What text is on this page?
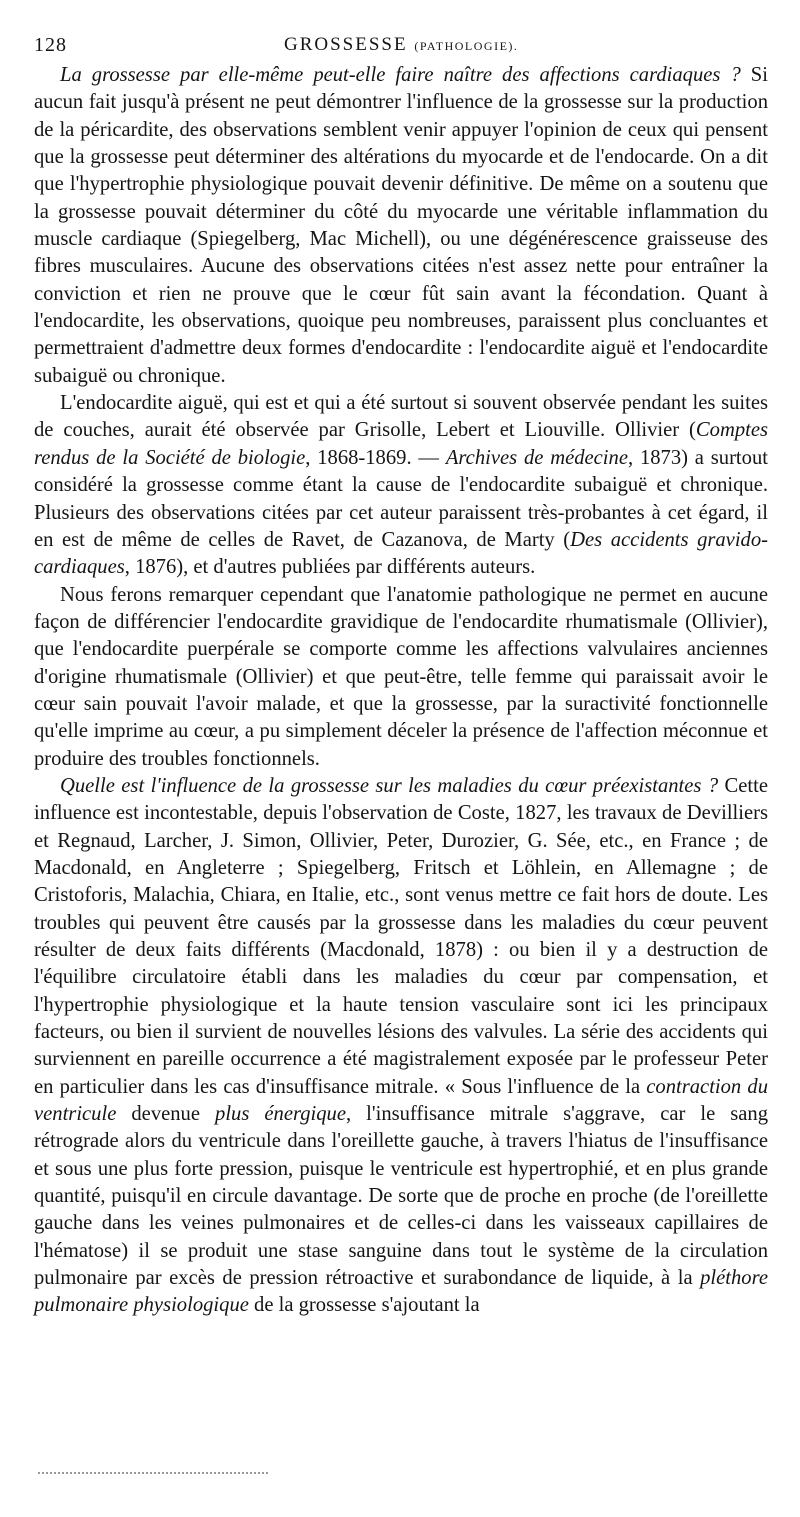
128	GROSSESSE (PATHOLOGIE).

La grossesse par elle-même peut-elle faire naître des affections cardiaques ? Si aucun fait jusqu'à présent ne peut démontrer l'influence de la grossesse sur la production de la péricardite, des observations semblent venir appuyer l'opinion de ceux qui pensent que la grossesse peut déterminer des altérations du myocarde et de l'endocarde. On a dit que l'hypertrophie physiologique pouvait devenir définitive. De même on a soutenu que la grossesse pouvait déterminer du côté du myocarde une véritable inflammation du muscle cardiaque (Spiegelberg, Mac Michell), ou une dégénérescence graisseuse des fibres musculaires. Aucune des observations citées n'est assez nette pour entraîner la conviction et rien ne prouve que le cœur fût sain avant la fécondation. Quant à l'endocardite, les observations, quoique peu nombreuses, paraissent plus concluantes et permettraient d'admettre deux formes d'endocardite : l'endocardite aiguë et l'endocardite subaiguë ou chronique.

L'endocardite aiguë, qui est et qui a été surtout si souvent observée pendant les suites de couches, aurait été observée par Grisolle, Lebert et Liouville. Ollivier (Comptes rendus de la Société de biologie, 1868-1869. — Archives de médecine, 1873) a surtout considéré la grossesse comme étant la cause de l'endocardite subaiguë et chronique. Plusieurs des observations citées par cet auteur paraissent très-probantes à cet égard, il en est de même de celles de Ravet, de Cazanova, de Marty (Des accidents gravido-cardiaques, 1876), et d'autres publiées par différents auteurs.

Nous ferons remarquer cependant que l'anatomie pathologique ne permet en aucune façon de différencier l'endocardite gravidique de l'endocardite rhumatismale (Ollivier), que l'endocardite puerpérale se comporte comme les affections valvulaires anciennes d'origine rhumatismale (Ollivier) et que peut-être, telle femme qui paraissait avoir le cœur sain pouvait l'avoir malade, et que la grossesse, par la suractivité fonctionnelle qu'elle imprime au cœur, a pu simplement déceler la présence de l'affection méconnue et produire des troubles fonctionnels.

Quelle est l'influence de la grossesse sur les maladies du cœur préexistantes ? Cette influence est incontestable, depuis l'observation de Coste, 1827, les travaux de Devilliers et Regnaud, Larcher, J. Simon, Ollivier, Peter, Durozier, G. Sée, etc., en France ; de Macdonald, en Angleterre ; Spiegelberg, Fritsch et Löhlein, en Allemagne ; de Cristoforis, Malachia, Chiara, en Italie, etc., sont venus mettre ce fait hors de doute. Les troubles qui peuvent être causés par la grossesse dans les maladies du cœur peuvent résulter de deux faits différents (Macdonald, 1878) : ou bien il y a destruction de l'équilibre circulatoire établi dans les maladies du cœur par compensation, et l'hypertrophie physiologique et la haute tension vasculaire sont ici les principaux facteurs, ou bien il survient de nouvelles lésions des valvules. La série des accidents qui surviennent en pareille occurrence a été magistralement exposée par le professeur Peter en particulier dans les cas d'insuffisance mitrale. « Sous l'influence de la contraction du ventricule devenue plus énergique, l'insuffisance mitrale s'aggrave, car le sang rétrograde alors du ventricule dans l'oreillette gauche, à travers l'hiatus de l'insuffisance et sous une plus forte pression, puisque le ventricule est hypertrophié, et en plus grande quantité, puisqu'il en circule davantage. De sorte que de proche en proche (de l'oreillette gauche dans les veines pulmonaires et de celles-ci dans les vaisseaux capillaires de l'hématose) il se produit une stase sanguine dans tout le système de la circulation pulmonaire par excès de pression rétroactive et surabondance de liquide, à la pléthore pulmonaire physiologique de la grossesse s'ajoutant la
